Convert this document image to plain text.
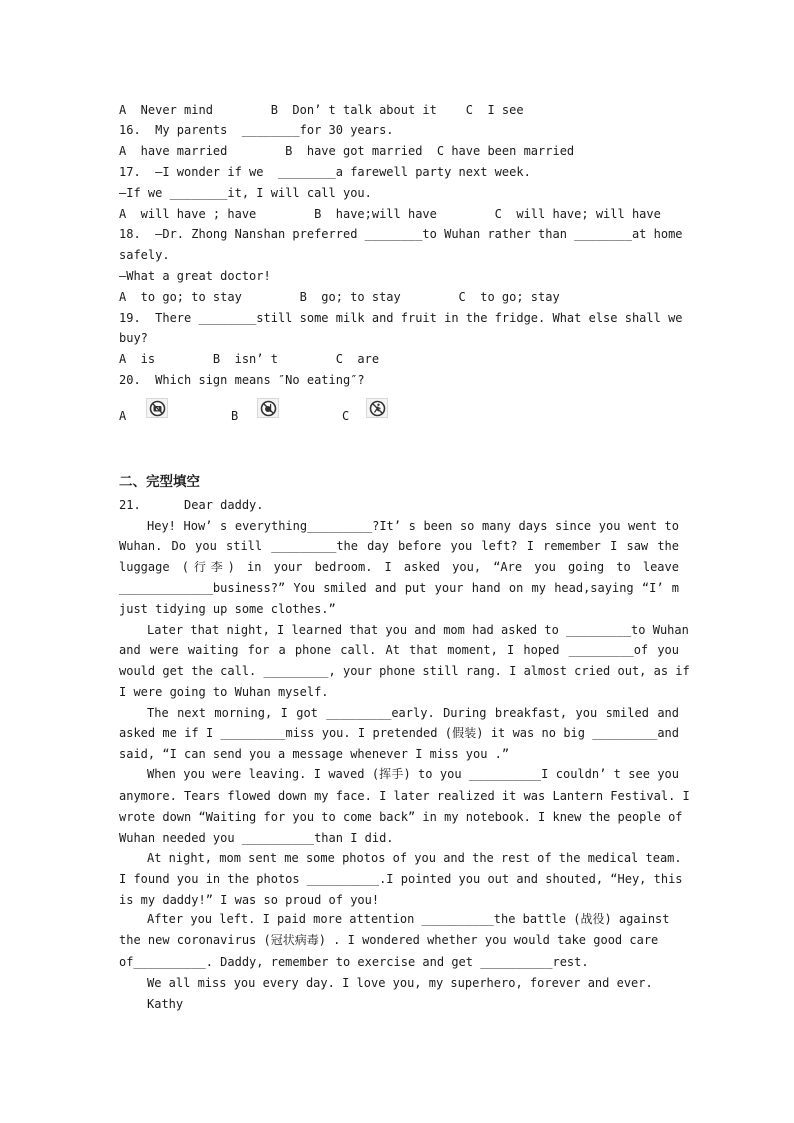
A  Never mind        B  Don’ t talk about it    C  I see
16.  My parents  ________for 30 years.
A  have married        B  have got married  C have been married
17.  —I wonder if we  ________a farewell party next week.
—If we ________it, I will call you.
A  will have ; have        B  have;will have        C  will have; will have
18.  —Dr. Zhong Nanshan preferred ________to Wuhan rather than ________at home
safely.
—What a great doctor!
A  to go; to stay        B  go; to stay        C  to go; stay
19.  There ________still some milk and fruit in the fridge. What else shall we
buy?
A  is        B  isn’ t        C  are
20.  Which sign means ″No eating″?
A	B	C
二、完型填空
21.      Dear daddy.
Hey! How’ s everything_________?It’ s been so many days since you went to
Wuhan. Do you still _________the day before you left? I remember I saw the
luggage (行李) in your bedroom. I asked you, “Are you going to leave
_____________business?” You smiled and put your hand on my head,saying “I’ m
just tidying up some clothes.”
Later that night, I learned that you and mom had asked to _________to Wuhan
and were waiting for a phone call. At that moment, I hoped _________of you
would get the call. _________, your phone still rang. I almost cried out, as if
I were going to Wuhan myself.
The next morning, I got _________early. During breakfast, you smiled and
asked me if I _________miss you. I pretended (假装) it was no big _________and
said, “I can send you a message whenever I miss you .”
When you were leaving. I waved (挥手) to you __________I couldn’ t see you
anymore. Tears flowed down my face. I later realized it was Lantern Festival. I
wrote down “Waiting for you to come back” in my notebook. I knew the people of
Wuhan needed you __________than I did.
At night, mom sent me some photos of you and the rest of the medical team.
I found you in the photos __________.I pointed you out and shouted, “Hey, this
is my daddy!” I was so proud of you!
After you left. I paid more attention __________the battle (战役) against
the new coronavirus (冠状病毒) . I wondered whether you would take good care
of__________. Daddy, remember to exercise and get __________rest.
We all miss you every day. I love you, my superhero, forever and ever.
Kathy
